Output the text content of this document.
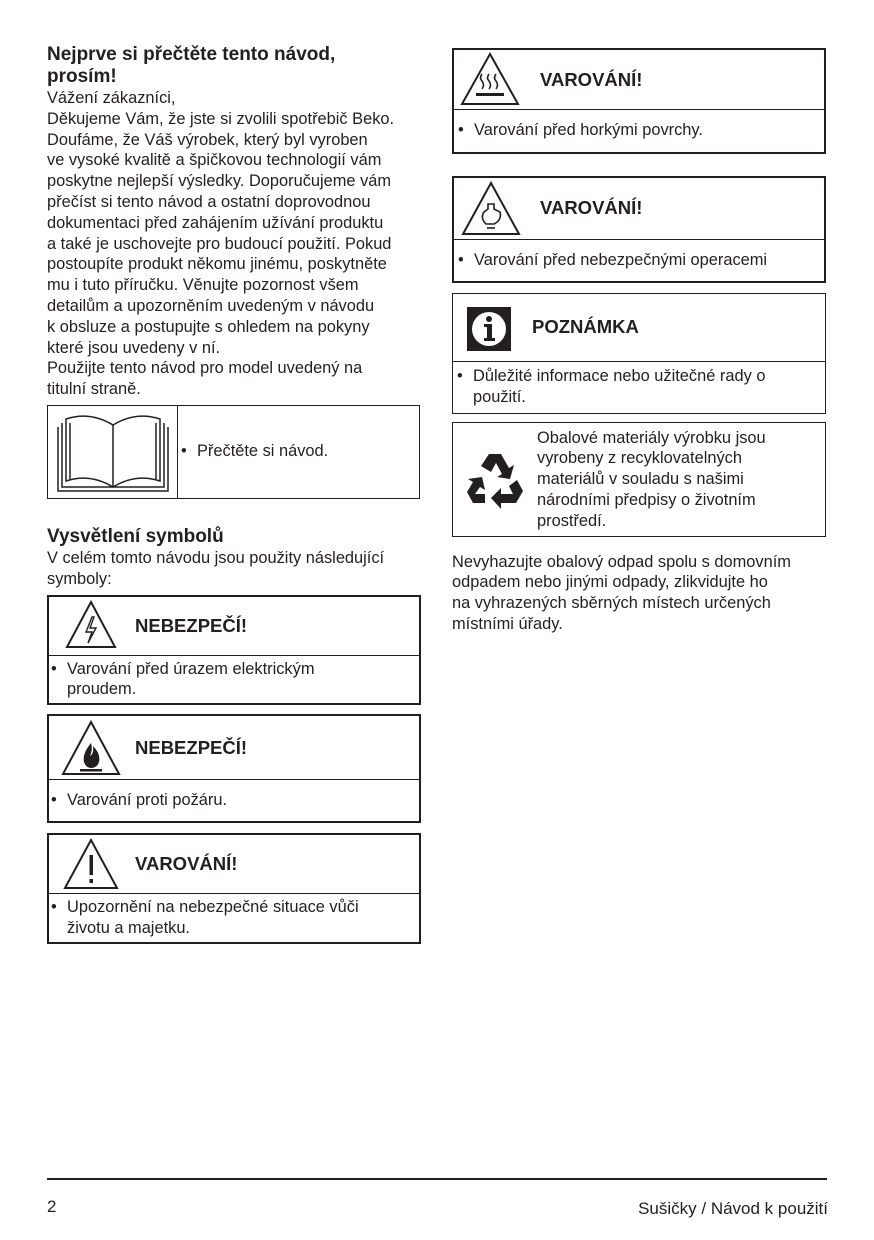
Nejprve si přečtěte tento návod,
prosím!

Vážení zákazníci,
Děkujeme Vám, že jste si zvolili spotřebič Beko.
Doufáme, že Váš výrobek, který byl vyroben
ve vysoké kvalitě a špičkovou technologií vám
poskytne nejlepší výsledky. Doporučujeme vám
přečíst si tento návod a ostatní doprovodnou
dokumentaci před zahájením užívání produktu
a také je uschovejte pro budoucí použití. Pokud
postoupíte produkt někomu jinému, poskytněte
mu i tuto příručku. Věnujte pozornost všem
detailům a upozorněním uvedeným v návodu
k obsluze a postupujte s ohledem na pokyny
které jsou uvedeny v ní.
Použijte tento návod pro model uvedený na
titulní straně.

• Přečtěte si návod.
Vysvětlení symbolů

V celém tomto návodu jsou použity následující
symboly:

NEBEZPEČÍ!
• Varování před úrazem elektrickým
proudem.
NEBEZPEČÍ!
• Varování proti požáru.
VAROVÁNÍ!
• Upozornění na nebezpečné situace vůči
životu a majetku.
VAROVÁNÍ!
• Varování před horkými povrchy.
VAROVÁNÍ!
• Varování před nebezpečnými operacemi
POZNÁMKA
• Důležité informace nebo užitečné rady o
použití.
Obalové materiály výrobku jsou
vyrobeny z recyklovatelných
materiálů v souladu s našimi
národními předpisy o životním
prostředí.

Nevyhazujte obalový odpad spolu s domovním
odpadem nebo jinými odpady, zlikvidujte ho
na vyhrazených sběrných místech určených
místními úřady.

2	Sušičky / Návod k použití
